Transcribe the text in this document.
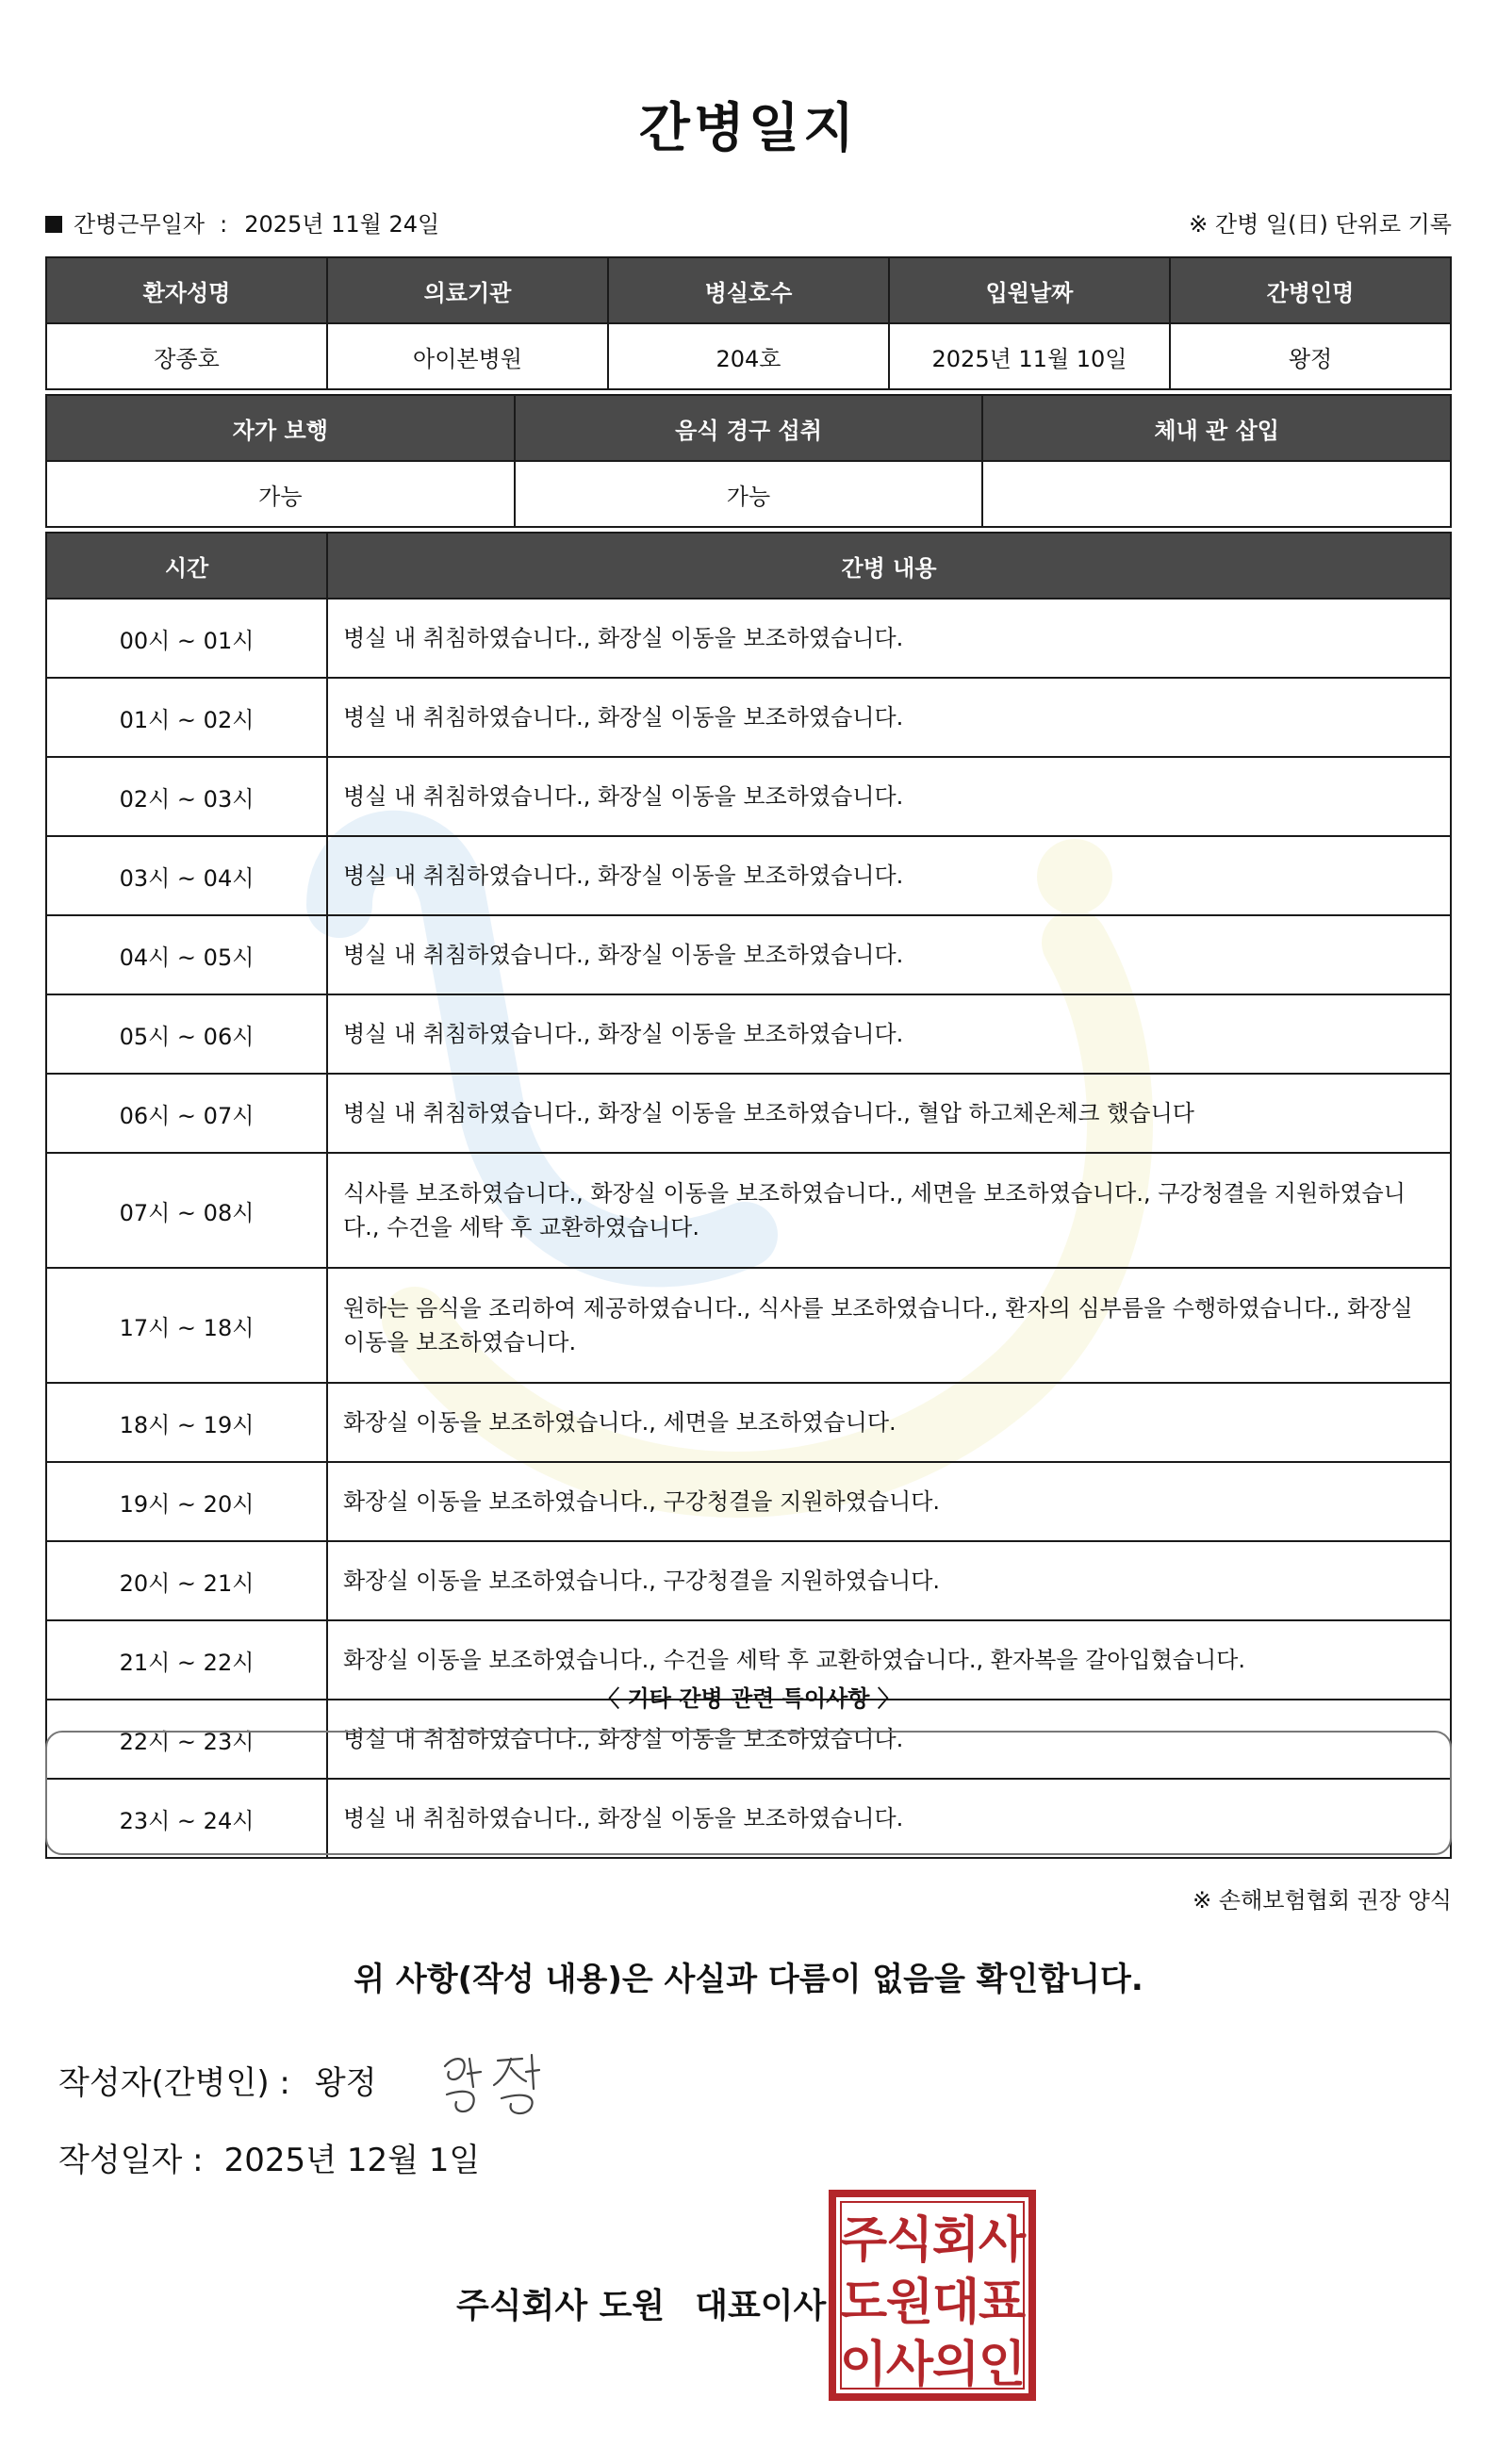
간병일지
간병근무일자 : 2025년 11월 24일	※ 간병 일(日) 단위로 기록
환자성명	의료기관	병실호수	입원날짜	간병인명
장종호	아이본병원	204호	2025년 11월 10일	왕정
자가 보행	음식 경구 섭취	체내 관 삽입
가능	가능	
시간	간병 내용
00시 ~ 01시	병실 내 취침하였습니다., 화장실 이동을 보조하였습니다.
01시 ~ 02시	병실 내 취침하였습니다., 화장실 이동을 보조하였습니다.
02시 ~ 03시	병실 내 취침하였습니다., 화장실 이동을 보조하였습니다.
03시 ~ 04시	병실 내 취침하였습니다., 화장실 이동을 보조하였습니다.
04시 ~ 05시	병실 내 취침하였습니다., 화장실 이동을 보조하였습니다.
05시 ~ 06시	병실 내 취침하였습니다., 화장실 이동을 보조하였습니다.
06시 ~ 07시	병실 내 취침하였습니다., 화장실 이동을 보조하였습니다., 혈압 하고체온체크 했습니다
07시 ~ 08시	식사를 보조하였습니다., 화장실 이동을 보조하였습니다., 세면을 보조하였습니다., 구강청결을 지원하였습니다., 수건을 세탁 후 교환하였습니다.
17시 ~ 18시	원하는 음식을 조리하여 제공하였습니다., 식사를 보조하였습니다., 환자의 심부름을 수행하였습니다., 화장실 이동을 보조하였습니다.
18시 ~ 19시	화장실 이동을 보조하였습니다., 세면을 보조하였습니다.
19시 ~ 20시	화장실 이동을 보조하였습니다., 구강청결을 지원하였습니다.
20시 ~ 21시	화장실 이동을 보조하였습니다., 구강청결을 지원하였습니다.
21시 ~ 22시	화장실 이동을 보조하였습니다., 수건을 세탁 후 교환하였습니다., 환자복을 갈아입혔습니다.
22시 ~ 23시	병실 내 취침하였습니다., 화장실 이동을 보조하였습니다.
23시 ~ 24시	병실 내 취침하였습니다., 화장실 이동을 보조하였습니다.
〈 기타 간병 관련 특이사항 〉
※ 손해보험협회 권장 양식
위 사항(작성 내용)은 사실과 다름이 없음을 확인합니다.
작성자(간병인) : 왕정
작성일자 : 2025년 12월 1일
주식회사 도원 대표이사
주
식
회
사
도
원
대
표
이
사
의
인
